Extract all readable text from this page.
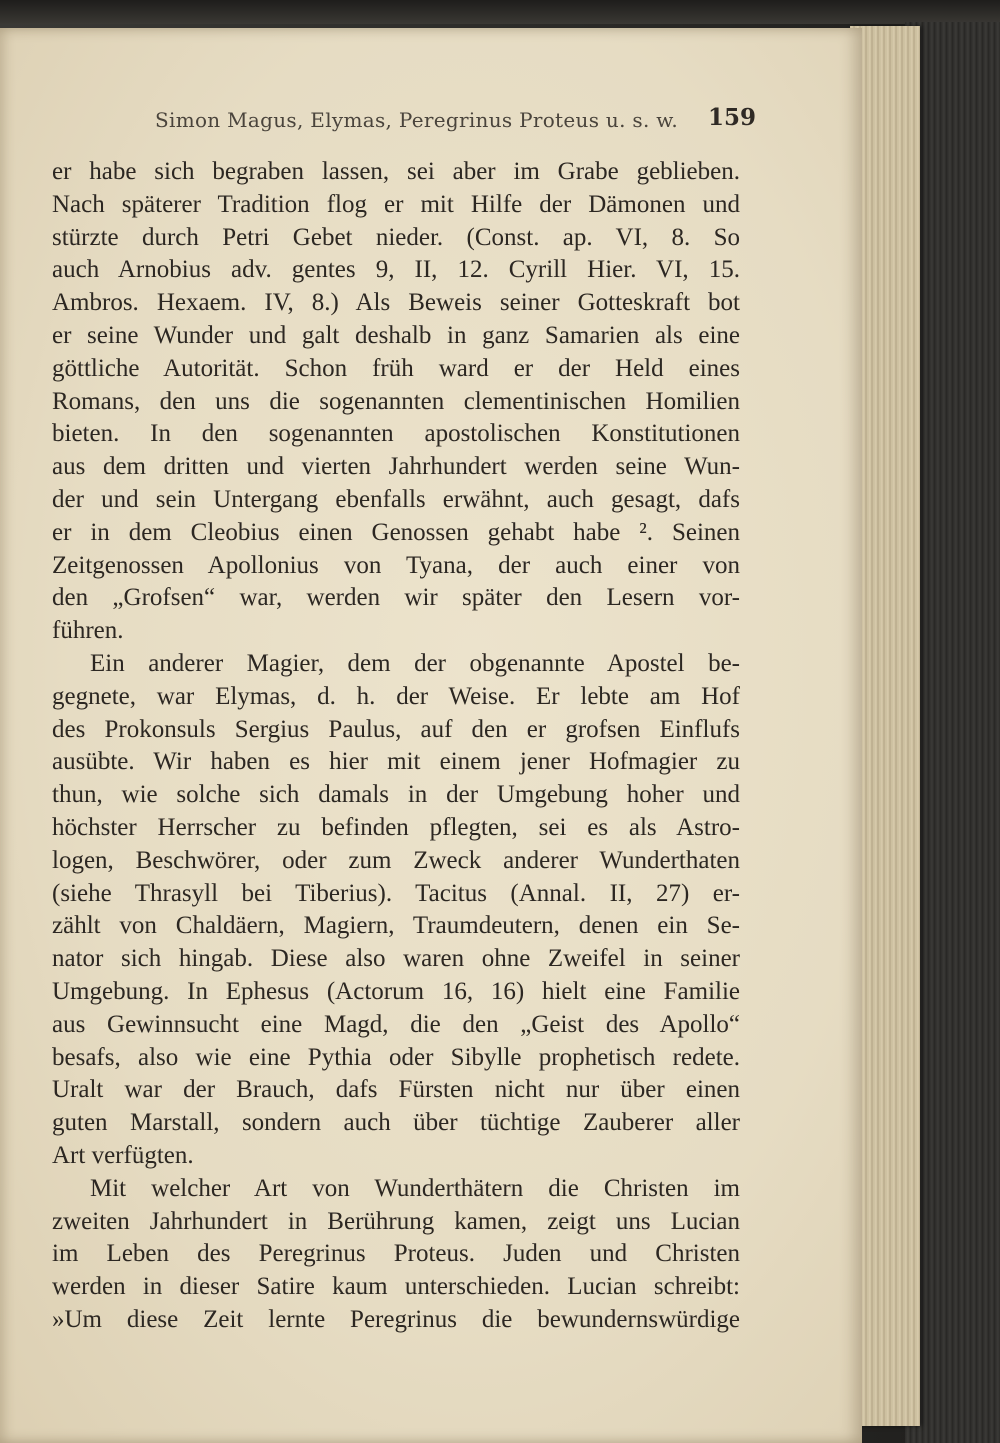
Simon Magus, Elymas, Peregrinus Proteus u. s. w. 159
er habe sich begraben lassen, sei aber im Grabe geblieben.
Nach späterer Tradition flog er mit Hilfe der Dämonen und
stürzte durch Petri Gebet nieder. (Const. ap. VI, 8. So
auch Arnobius adv. gentes 9, II, 12. Cyrill Hier. VI, 15.
Ambros. Hexaem. IV, 8.) Als Beweis seiner Gotteskraft bot
er seine Wunder und galt deshalb in ganz Samarien als eine
göttliche Autorität. Schon früh ward er der Held eines
Romans, den uns die sogenannten clementinischen Homilien
bieten. In den sogenannten apostolischen Konstitutionen
aus dem dritten und vierten Jahrhundert werden seine Wun-
der und sein Untergang ebenfalls erwähnt, auch gesagt, dafs
er in dem Cleobius einen Genossen gehabt habe ². Seinen
Zeitgenossen Apollonius von Tyana, der auch einer von
den „Grofsen“ war, werden wir später den Lesern vor-
führen.
Ein anderer Magier, dem der obgenannte Apostel be-
gegnete, war Elymas, d. h. der Weise. Er lebte am Hof
des Prokonsuls Sergius Paulus, auf den er grofsen Einflufs
ausübte. Wir haben es hier mit einem jener Hofmagier zu
thun, wie solche sich damals in der Umgebung hoher und
höchster Herrscher zu befinden pflegten, sei es als Astro-
logen, Beschwörer, oder zum Zweck anderer Wunderthaten
(siehe Thrasyll bei Tiberius). Tacitus (Annal. II, 27) er-
zählt von Chaldäern, Magiern, Traumdeutern, denen ein Se-
nator sich hingab. Diese also waren ohne Zweifel in seiner
Umgebung. In Ephesus (Actorum 16, 16) hielt eine Familie
aus Gewinnsucht eine Magd, die den „Geist des Apollo“
besafs, also wie eine Pythia oder Sibylle prophetisch redete.
Uralt war der Brauch, dafs Fürsten nicht nur über einen
guten Marstall, sondern auch über tüchtige Zauberer aller
Art verfügten.
Mit welcher Art von Wunderthätern die Christen im
zweiten Jahrhundert in Berührung kamen, zeigt uns Lucian
im Leben des Peregrinus Proteus. Juden und Christen
werden in dieser Satire kaum unterschieden. Lucian schreibt:
»Um diese Zeit lernte Peregrinus die bewundernswürdige
